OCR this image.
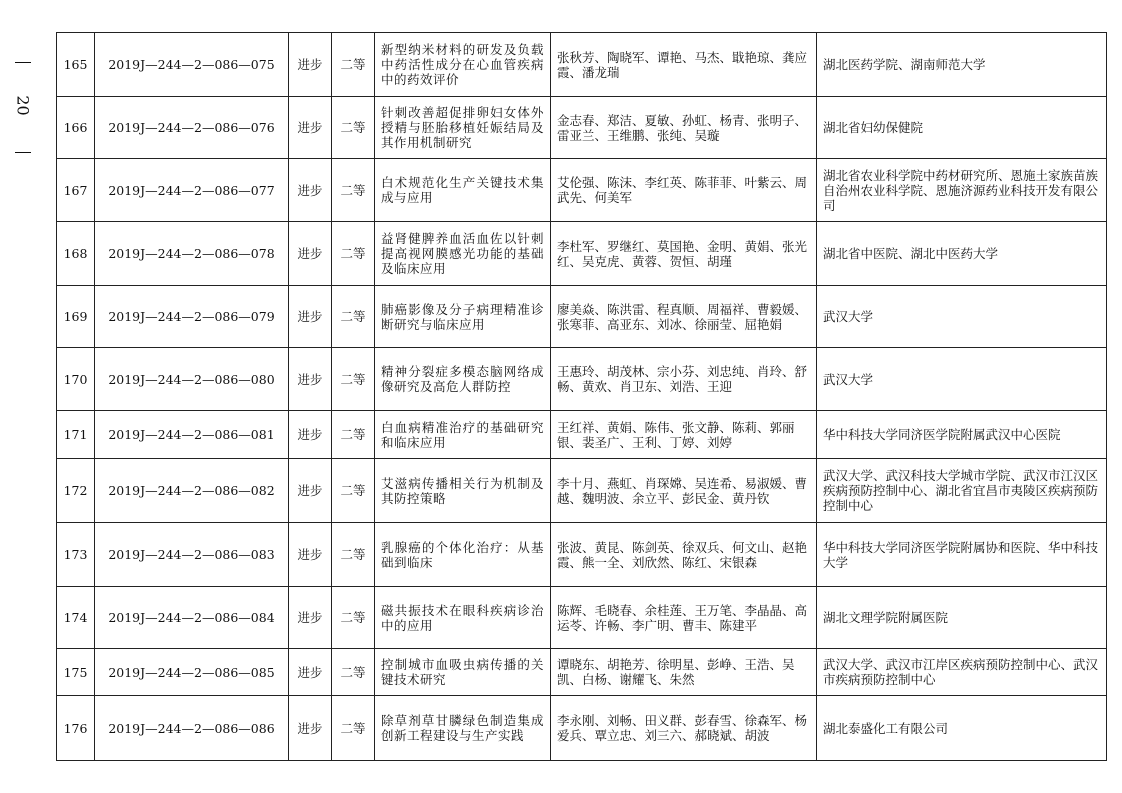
20
165	2019J—244—2—086—075	进步	二等	新型纳米材料的研发及负载中药活性成分在心血管疾病中的药效评价	张秋芳、陶晓军、谭艳、马杰、戢艳琼、龚应霞、潘龙瑞	湖北医药学院、湖南师范大学
166	2019J—244—2—086—076	进步	二等	针刺改善超促排卵妇女体外授精与胚胎移植妊娠结局及其作用机制研究	金志春、郑洁、夏敏、孙虹、杨青、张明子、雷亚兰、王维鹏、张纯、吴璇	湖北省妇幼保健院
167	2019J—244—2—086—077	进步	二等	白术规范化生产关键技术集成与应用	艾伦强、陈沫、李红英、陈菲菲、叶紫云、周武先、何美军	湖北省农业科学院中药材研究所、恩施土家族苗族自治州农业科学院、恩施济源药业科技开发有限公司
168	2019J—244—2—086—078	进步	二等	益肾健脾养血活血佐以针刺提高视网膜感光功能的基础及临床应用	李杜军、罗继红、莫国艳、金明、黄娟、张光红、吴克虎、黄蓉、贺恒、胡瑾	湖北省中医院、湖北中医药大学
169	2019J—244—2—086—079	进步	二等	肺癌影像及分子病理精准诊断研究与临床应用	廖美焱、陈洪雷、程真顺、周福祥、曹毅媛、张寒菲、高亚东、刘冰、徐丽莹、屈艳娟	武汉大学
170	2019J—244—2—086—080	进步	二等	精神分裂症多模态脑网络成像研究及高危人群防控	王惠玲、胡茂林、宗小芬、刘忠纯、肖玲、舒畅、黄欢、肖卫东、刘浩、王迎	武汉大学
171	2019J—244—2—086—081	进步	二等	白血病精准治疗的基础研究和临床应用	王红祥、黄娟、陈伟、张文静、陈莉、郭丽银、裴圣广、王利、丁婷、刘婷	华中科技大学同济医学院附属武汉中心医院
172	2019J—244—2—086—082	进步	二等	艾滋病传播相关行为机制及其防控策略	李十月、燕虹、肖琛嫦、吴连希、易淑媛、曹越、魏明波、余立平、彭民金、黄丹钦	武汉大学、武汉科技大学城市学院、武汉市江汉区疾病预防控制中心、湖北省宜昌市夷陵区疾病预防控制中心
173	2019J—244—2—086—083	进步	二等	乳腺癌的个体化治疗：从基础到临床	张波、黄昆、陈剑英、徐双兵、何文山、赵艳霞、熊一全、刘欣然、陈红、宋银森	华中科技大学同济医学院附属协和医院、华中科技大学
174	2019J—244—2—086—084	进步	二等	磁共振技术在眼科疾病诊治中的应用	陈辉、毛晓春、余桂莲、王万笔、李晶晶、高运苓、许畅、李广明、曹丰、陈建平	湖北文理学院附属医院
175	2019J—244—2—086—085	进步	二等	控制城市血吸虫病传播的关键技术研究	谭晓东、胡艳芳、徐明星、彭峥、王浩、吴凯、白杨、谢耀飞、朱然	武汉大学、武汉市江岸区疾病预防控制中心、武汉市疾病预防控制中心
176	2019J—244—2—086—086	进步	二等	除草剂草甘膦绿色制造集成创新工程建设与生产实践	李永刚、刘畅、田义群、彭春雪、徐森军、杨爱兵、覃立忠、刘三六、郝晓斌、胡波	湖北泰盛化工有限公司
